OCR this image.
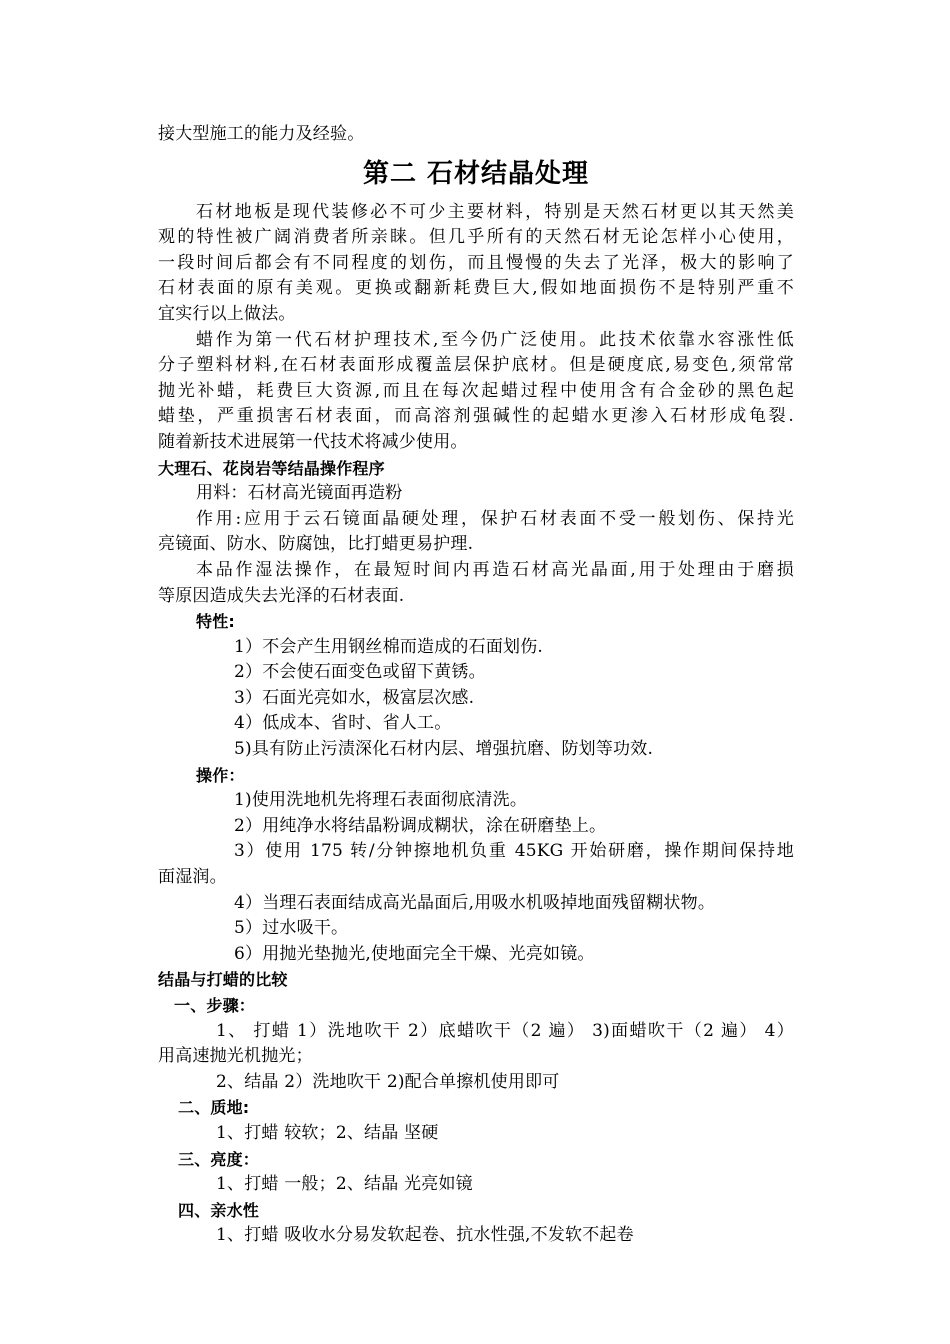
接大型施工的能力及经验。
第二 石材结晶处理
石材地板是现代装修必不可少主要材料，特别是天然石材更以其天然美
观的特性被广阔消费者所亲睐。但几乎所有的天然石材无论怎样小心使用，
一段时间后都会有不同程度的划伤，而且慢慢的失去了光泽，极大的影响了
石材表面的原有美观。更换或翻新耗费巨大,假如地面损伤不是特别严重不
宜实行以上做法。
蜡作为第一代石材护理技术,至今仍广泛使用。此技术依靠水容涨性低
分子塑料材料,在石材表面形成覆盖层保护底材。但是硬度底,易变色,须常常
抛光补蜡，耗费巨大资源,而且在每次起蜡过程中使用含有合金砂的黑色起
蜡垫，严重损害石材表面，而高溶剂强碱性的起蜡水更渗入石材形成龟裂.
随着新技术进展第一代技术将减少使用。
大理石、花岗岩等结晶操作程序
用料：石材高光镜面再造粉
作用:应用于云石镜面晶硬处理，保护石材表面不受一般划伤、保持光
亮镜面、防水、防腐蚀，比打蜡更易护理.
本品作湿法操作，在最短时间内再造石材高光晶面,用于处理由于磨损
等原因造成失去光泽的石材表面.
特性:
1）不会产生用钢丝棉而造成的石面划伤.
2）不会使石面变色或留下黄锈。
3）石面光亮如水，极富层次感.
4）低成本、省时、省人工。
5)具有防止污渍深化石材内层、增强抗磨、防划等功效.
操作：
1)使用洗地机先将理石表面彻底清洗。
2）用纯净水将结晶粉调成糊状，涂在研磨垫上。
3）使用 175 转/分钟擦地机负重 45KG 开始研磨，操作期间保持地
面湿润。
4）当理石表面结成高光晶面后,用吸水机吸掉地面残留糊状物。
5）过水吸干。
6）用抛光垫抛光,使地面完全干燥、光亮如镜。
结晶与打蜡的比较
一、步骤：
1、 打蜡 1）洗地吹干 2）底蜡吹干（2 遍） 3)面蜡吹干（2 遍） 4）
用高速抛光机抛光；
2、结晶 2）洗地吹干 2)配合单擦机使用即可
二、质地:
1、打蜡 较软；2、结晶 坚硬
三、亮度：
1、打蜡 一般；2、结晶 光亮如镜
四、亲水性
1、打蜡 吸收水分易发软起卷、抗水性强,不发软不起卷
